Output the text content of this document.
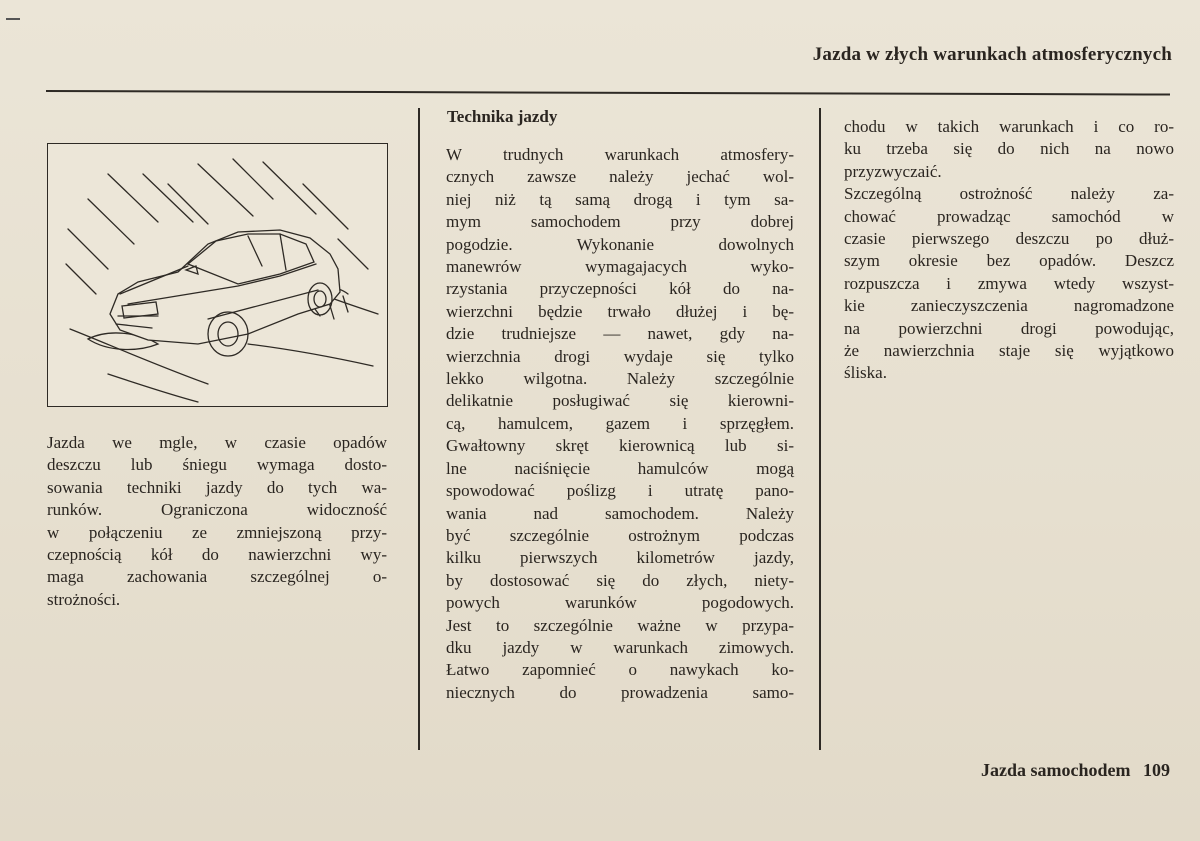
Jazda w złych warunkach atmosferycznych
Jazda we mgle, w czasie opadów
deszczu lub śniegu wymaga dosto-
sowania techniki jazdy do tych wa-
runków. Ograniczona widoczność
w połączeniu ze zmniejszoną przy-
czepnością kół do nawierzchni wy-
maga zachowania szczególnej o-
strożności.
Technika jazdy
W trudnych warunkach atmosfery-
cznych zawsze należy jechać wol-
niej niż tą samą drogą i tym sa-
mym samochodem przy dobrej
pogodzie. Wykonanie dowolnych
manewrów wymagajacych wyko-
rzystania przyczepności kół do na-
wierzchni będzie trwało dłużej i bę-
dzie trudniejsze — nawet, gdy na-
wierzchnia drogi wydaje się tylko
lekko wilgotna. Należy szczególnie
delikatnie posługiwać się kierowni-
cą, hamulcem, gazem i sprzęgłem.
Gwałtowny skręt kierownicą lub si-
lne naciśnięcie hamulców mogą
spowodować poślizg i utratę pano-
wania nad samochodem. Należy
być szczególnie ostrożnym podczas
kilku pierwszych kilometrów jazdy,
by dostosować się do złych, niety-
powych warunków pogodowych.
Jest to szczególnie ważne w przypa-
dku jazdy w warunkach zimowych.
Łatwo zapomnieć o nawykach ko-
niecznych do prowadzenia samo-
chodu w takich warunkach i co ro-
ku trzeba się do nich na nowo
przyzwyczaić.
Szczególną ostrożność należy za-
chować prowadząc samochód w
czasie pierwszego deszczu po dłuż-
szym okresie bez opadów. Deszcz
rozpuszcza i zmywa wtedy wszyst-
kie zanieczyszczenia nagromadzone
na powierzchni drogi powodując,
że nawierzchnia staje się wyjątkowo
śliska.
Jazda samochodem 109
